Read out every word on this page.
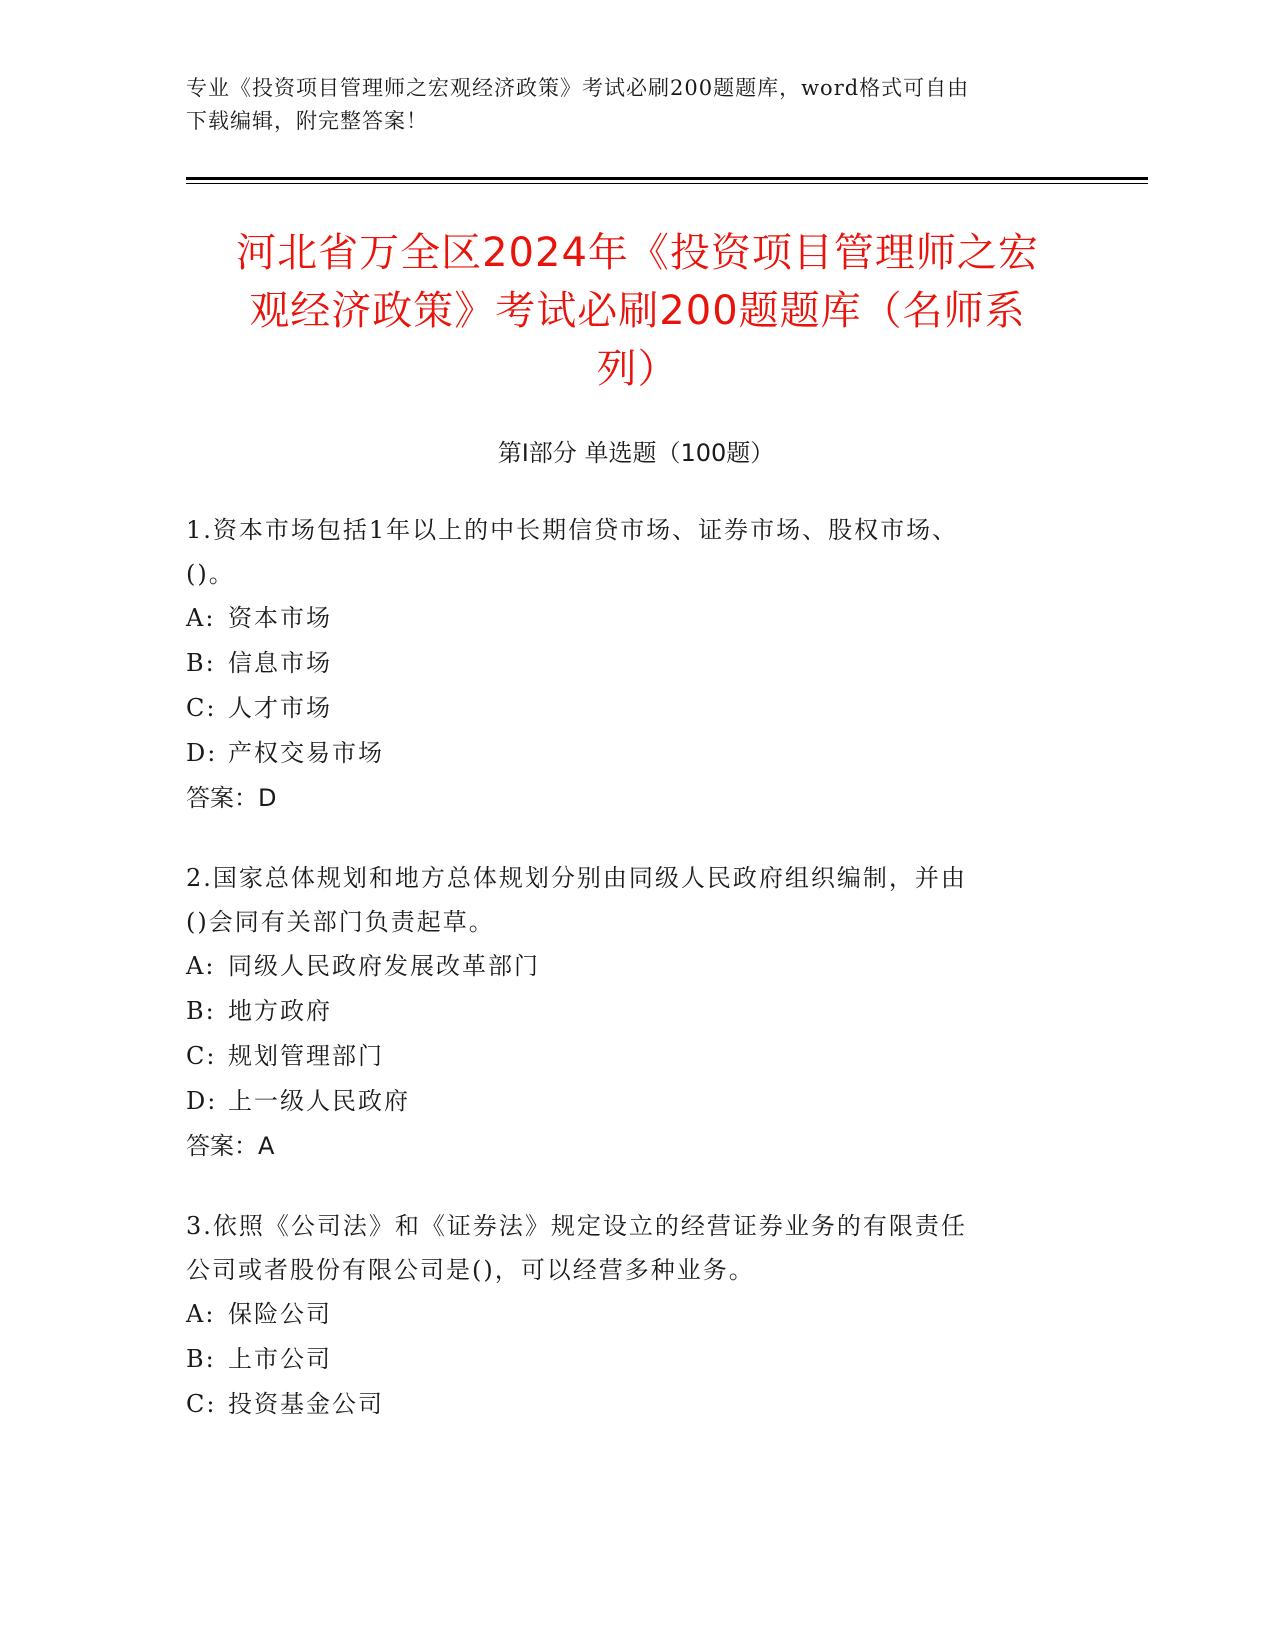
专业《投资项目管理师之宏观经济政策》考试必刷200题题库，word格式可自由
下载编辑，附完整答案！
河北省万全区2024年《投资项目管理师之宏
观经济政策》考试必刷200题题库（名师系
列）
第Ⅰ部分 单选题（100题）
1.资本市场包括1年以上的中长期信贷市场、证券市场、股权市场、
()。
A: 资本市场
B: 信息市场
C: 人才市场
D: 产权交易市场
答案：D
2.国家总体规划和地方总体规划分别由同级人民政府组织编制，并由
()会同有关部门负责起草。
A: 同级人民政府发展改革部门
B: 地方政府
C: 规划管理部门
D: 上一级人民政府
答案：A
3.依照《公司法》和《证券法》规定设立的经营证券业务的有限责任
公司或者股份有限公司是()，可以经营多种业务。
A: 保险公司
B: 上市公司
C: 投资基金公司
